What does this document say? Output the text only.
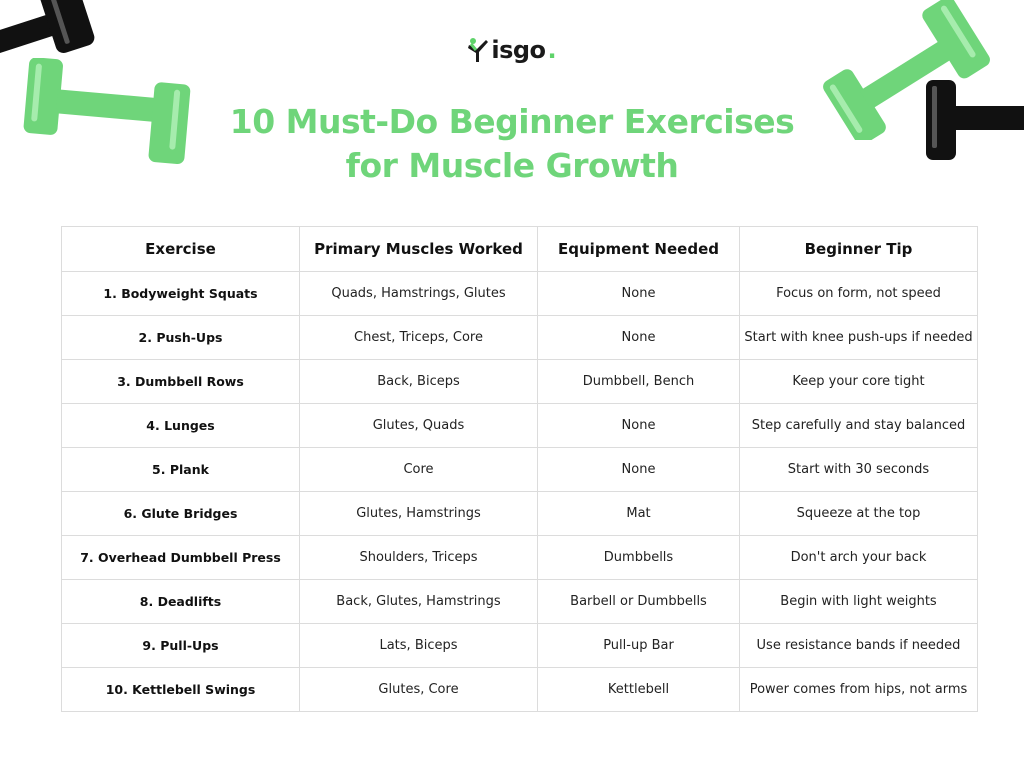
isgo .
10 Must-Do Beginner Exercises
for Muscle Growth
Exercise	Primary Muscles Worked	Equipment Needed	Beginner Tip
1. Bodyweight Squats	Quads, Hamstrings, Glutes	None	Focus on form, not speed
2. Push-Ups	Chest, Triceps, Core	None	Start with knee push-ups if needed
3. Dumbbell Rows	Back, Biceps	Dumbbell, Bench	Keep your core tight
4. Lunges	Glutes, Quads	None	Step carefully and stay balanced
5. Plank	Core	None	Start with 30 seconds
6. Glute Bridges	Glutes, Hamstrings	Mat	Squeeze at the top
7. Overhead Dumbbell Press	Shoulders, Triceps	Dumbbells	Don't arch your back
8. Deadlifts	Back, Glutes, Hamstrings	Barbell or Dumbbells	Begin with light weights
9. Pull-Ups	Lats, Biceps	Pull-up Bar	Use resistance bands if needed
10. Kettlebell Swings	Glutes, Core	Kettlebell	Power comes from hips, not arms
